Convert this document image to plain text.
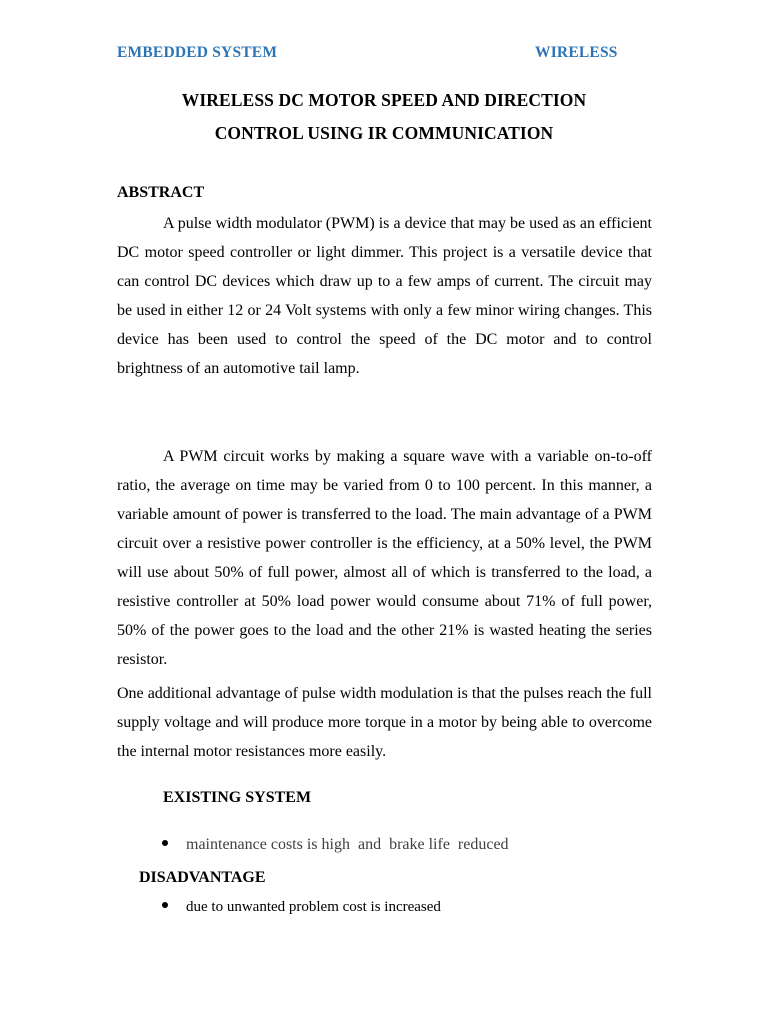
EMBEDDED SYSTEM	WIRELESS
WIRELESS DC MOTOR SPEED AND DIRECTION
CONTROL USING IR COMMUNICATION
ABSTRACT

A pulse width modulator (PWM) is a device that may be used as an efficient DC motor speed controller or light dimmer. This project is a versatile device that can control DC devices which draw up to a few amps of current. The circuit may be used in either 12 or 24 Volt systems with only a few minor wiring changes. This device has been used to control the speed of the DC motor and to control brightness of an automotive tail lamp.

A PWM circuit works by making a square wave with a variable on-to-off ratio, the average on time may be varied from 0 to 100 percent. In this manner, a variable amount of power is transferred to the load. The main advantage of a PWM circuit over a resistive power controller is the efficiency, at a 50% level, the PWM will use about 50% of full power, almost all of which is transferred to the load, a resistive controller at 50% load power would consume about 71% of full power, 50% of the power goes to the load and the other 21% is wasted heating the series resistor.

One additional advantage of pulse width modulation is that the pulses reach the full supply voltage and will produce more torque in a motor by being able to overcome the internal motor resistances more easily.

EXISTING SYSTEM
maintenance costs is high  and  brake life  reduced
DISADVANTAGE
due to unwanted problem cost is increased
